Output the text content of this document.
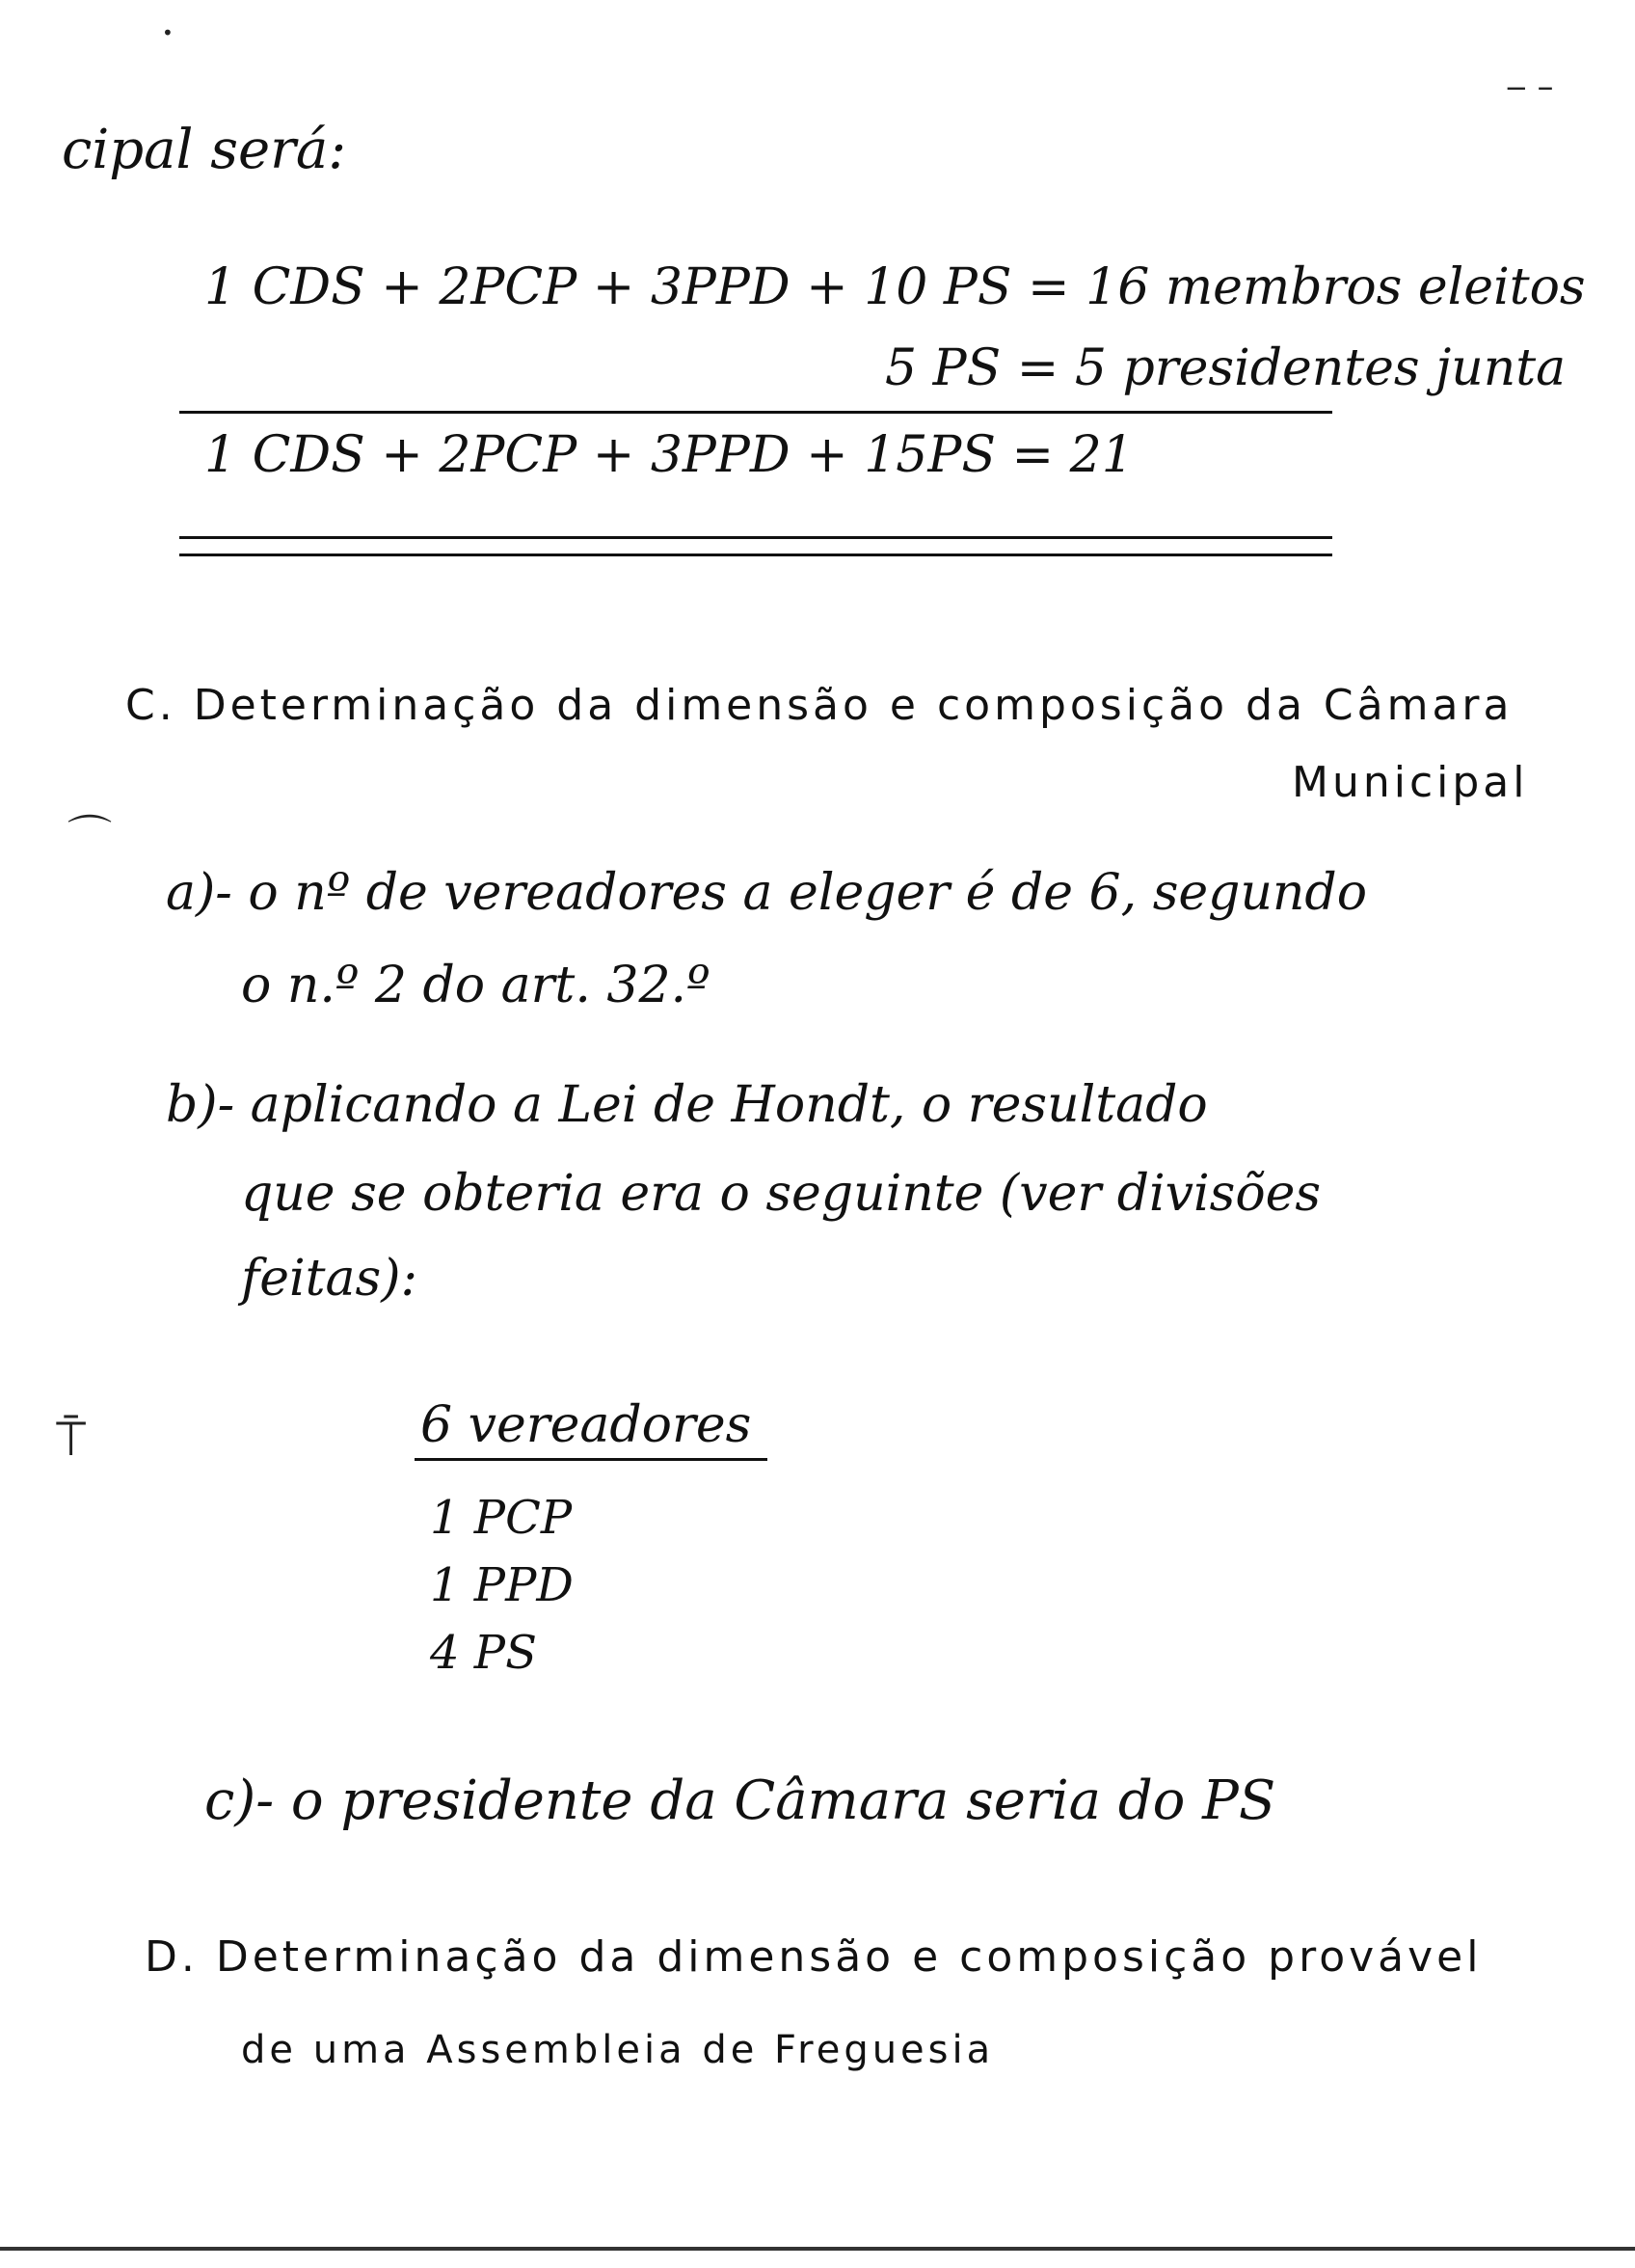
•
‒ –
⌒
⍑
cipal será:
1 CDS + 2PCP + 3PPD + 10 PS = 16 membros eleitos
5 PS = 5 presidentes junta
1 CDS + 2PCP + 3PPD + 15PS = 21
C. Determinação da dimensão e composição da Câmara
Municipal
a)- o nº de vereadores a eleger é de 6, segundo
o n.º 2 do art. 32.º
b)- aplicando a Lei de Hondt, o resultado
que se obteria era o seguinte (ver divisões
feitas):
6 vereadores
1 PCP
1 PPD
4 PS
c)- o presidente da Câmara seria do PS
D. Determinação da dimensão e composição provável
de uma Assembleia de Freguesia
